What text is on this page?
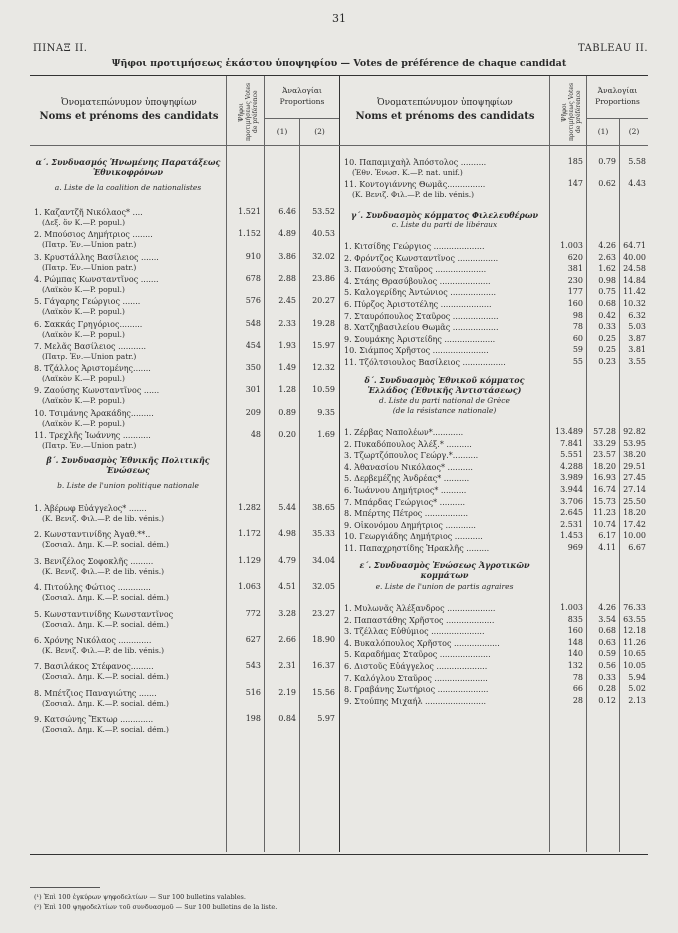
31
ΠΙΝΑΞ ΙΙ.	TABLEAU II.
Ψῆφοι προτιμήσεως ἑκάστου ὑποψηφίου — Votes de préférence de chaque candidat
Ὀνοματεπώνυμον ὑποψηφίων
Noms et prénoms des candidats	Ψῆφοι προτιμήσεως Votes de préférence
Ἀναλογίαι
Proportions
(1)	(2)
Ὀνοματεπώνυμον ὑποψηφίων
Noms et prénoms des candidats	Ψῆφοι προτιμήσεως Votes de préférence
Ἀναλογίαι
Proportions
(1)	(2)
α΄. Συνδυασμός Ἡνωμένης Παρατάξεως
Ἐθνικοφρόνων
a. Liste de la coalition de nationalistes
β΄. Συνδυασμὸς Ἐθνικῆς Πολιτικῆς
Ἑνώσεως
b. Liste de l'union politique nationale
γ΄. Συνδυασμὸς κόμματος Φιλελευθέρων
c. Liste du parti de libéraux
δ΄. Συνδυασμὸς Ἐθνικοῦ κόμματος
Ἑλλάδος (Ἐθνικῆς Ἀντιστάσεως)
d. Liste du parti national de Grèce
(de la résistance nationale)
ε΄. Συνδυασμὸς Ἑνώσεως Ἀγροτικῶν
κομμάτων
e. Liste de l'union de partis agraires
(¹) Ἐπὶ 100 ἐγκύρων ψηφοδελτίων — Sur 100 bulletins valables.
(²) Ἐπὶ 100 ψηφοδελτίων τοῦ συνδυασμοῦ — Sur 100 bulletins de la liste.
1. Καζαντζῆ Νικόλαος* ....
(Δεξ. ὅν Κ.—P. popul.)
1.521	6.46	53.52
2. Μπούσιος Δημήτριος ........
(Πατρ. Ἐν.—Union patr.)
1.152	4.89	40.53
3. Κρυστάλλης Βασίλειος .......
(Πατρ. Ἐν.—Union patr.)
910	3.86	32.02
4. Ρώμπας Κωνσταντῖνος .......
(Λαϊκὸν Κ.—P. popul.)
678	2.88	23.86
5. Γάγαρης Γεώργιος .......
(Λαϊκὸν Κ.—P. popul.)
576	2.45	20.27
6. Σακκάς Γρηγόριος.........
(Λαϊκὸν Κ.—P. popul.)
548	2.33	19.28
7. Μελᾶς Βασίλειος ...........
(Πατρ. Ἐν.—Union patr.)
454	1.93	15.97
8. Τζάλλος Ἀριστομένης.......
(Λαϊκὸν Κ.—P. popul.)
350	1.49	12.32
9. Ζαούσης Κωνσταντῖνος ......
(Λαϊκὸν Κ.—P. popul.)
301	1.28	10.59
10. Τσιμάνης Ἀρακάδης.........
(Λαϊκὸν Κ.—P. popul.)
209	0.89	9.35
11. Τρεχλῆς Ἰωάννης ...........
(Πατρ. Ἐν.—Union patr.)
48	0.20	1.69
1. Ἀβέρωφ Εὐάγγελος* .......
(Κ. Βενιζ. Φιλ.—P. de lib. vénis.)
1.282	5.44	38.65
2. Κωνσταντινίδης Ἀγαθ.**..
(Σοσιαλ. Δημ. Κ.—P. social. dém.)
1.172	4.98	35.33
3. Βενιζέλος Σοφοκλῆς .........
(Κ. Βενιζ. Φιλ.—P. de lib. vénis.)
1.129	4.79	34.04
4. Πιτούλης Φώτιος .............
(Σοσιαλ. Δημ. Κ.—P. social. dém.)
1.063	4.51	32.05
5. Κωνσταντινίδης Κωνσταντῖνος
(Σοσιαλ. Δημ. Κ.—P. social. dém.)
772	3.28	23.27
6. Χρόνης Νικόλαος .............
(Κ. Βενιζ. Φιλ.—P. de lib. vénis.)
627	2.66	18.90
7. Βασιλάκος Στέφανος.........
(Σοσιαλ. Δημ. Κ.—P. social. dém.)
543	2.31	16.37
8. Μπέτζιος Παναγιώτης .......
(Σοσιαλ. Δημ. Κ.—P. social. dém.)
516	2.19	15.56
9. Κατσώνης Ἕκτωρ .............
(Σοσιαλ. Δημ. Κ.—P. social. dém.)
198	0.84	5.97
10. Παπαμιχαὴλ Ἀπόστολος ..........
(Ἐθν. Ἑνωσ. Κ.—P. nat. unif.)
185	0.79	5.58
11. Κοντογιάννης Θωμᾶς...............
(Κ. Βενιζ. Φιλ.—P. de lib. vénis.)
147	0.62	4.43
1. Κιτσίδης Γεώργιος ....................	1.003	4.26 64.71
2. Φρόντζος Κωνσταντῖνος ................	620	2.63 40.00
3. Πανούσης Σταῦρος ....................	381	1.62 24.58
4. Στάης Θρασύβουλος ....................	230	0.98 14.84
5. Καλογερίδης Ἀντώνιος ..................	177	0.75 11.42
6. Πύρζος Ἀριστοτέλης ....................	160	0.68 10.32
7. Σταυρόπουλος Σταῦρος ..................	98	0.42	6.32
8. Χατζηβασιλείου Θωμᾶς ..................	78	0.33	5.03
9. Σουμάκης Ἀριστείδης ....................	60	0.25	3.87
10. Σιάμπος Χρῆστος ......................	59	0.25	3.81
11. Τζόλτσιουλος Βασίλειος .................	55	0.23	3.55
1. Ζέρβας Ναπολέων*............	13.489	57.28 92.82
2. Πυκαδόπουλος Ἀλέξ.* ..........	7.841	33.29 53.95
3. Τζωρτζόπουλος Γεώργ.*..........	5.551	23.57 38.20
4. Ἀθανασίου Νικόλαος* ..........	4.288	18.20 29.51
5. Δερβεμέζης Ἀνδρέας* ..........	3.989	16.93 27.45
6. Ἰωάννου Δημήτριος* ..........	3.944	16.74 27.14
7. Μπάρδας Γεώργιος* ..........	3.706	15.73 25.50
8. Μπέρτης Πέτρος .................	2.645	11.23 18.20
9. Οἰκονόμου Δημήτριος ............	2.531	10.74 17.42
10. Γεωργιάδης Δημήτριος ...........	1.453	6.17 10.00
11. Παπαχρηστίδης Ἡρακλῆς .........	969	4.11	6.67
1. Μυλωνᾶς Ἀλέξανδρος ...................	1.003	4.26 76.33
2. Παπαστάθης Χρῆστος ...................	835	3.54 63.55
3. Τζέλλας Εὐθύμιος .....................	160	0.68 12.18
4. Βυκαλόπουλος Χρῆστος ..................	148	0.63 11.26
5. Καραδήμας Σταῦρος ....................	140	0.59 10.65
6. Διστοῦς Εὐάγγελος ....................	132	0.56 10.05
7. Καλόγλου Σταῦρος .....................	78	0.33	5.94
8. Γραβάνης Σωτήριος ....................	66	0.28	5.02
9. Στούπης Μιχαήλ ........................	28	0.12	2.13
